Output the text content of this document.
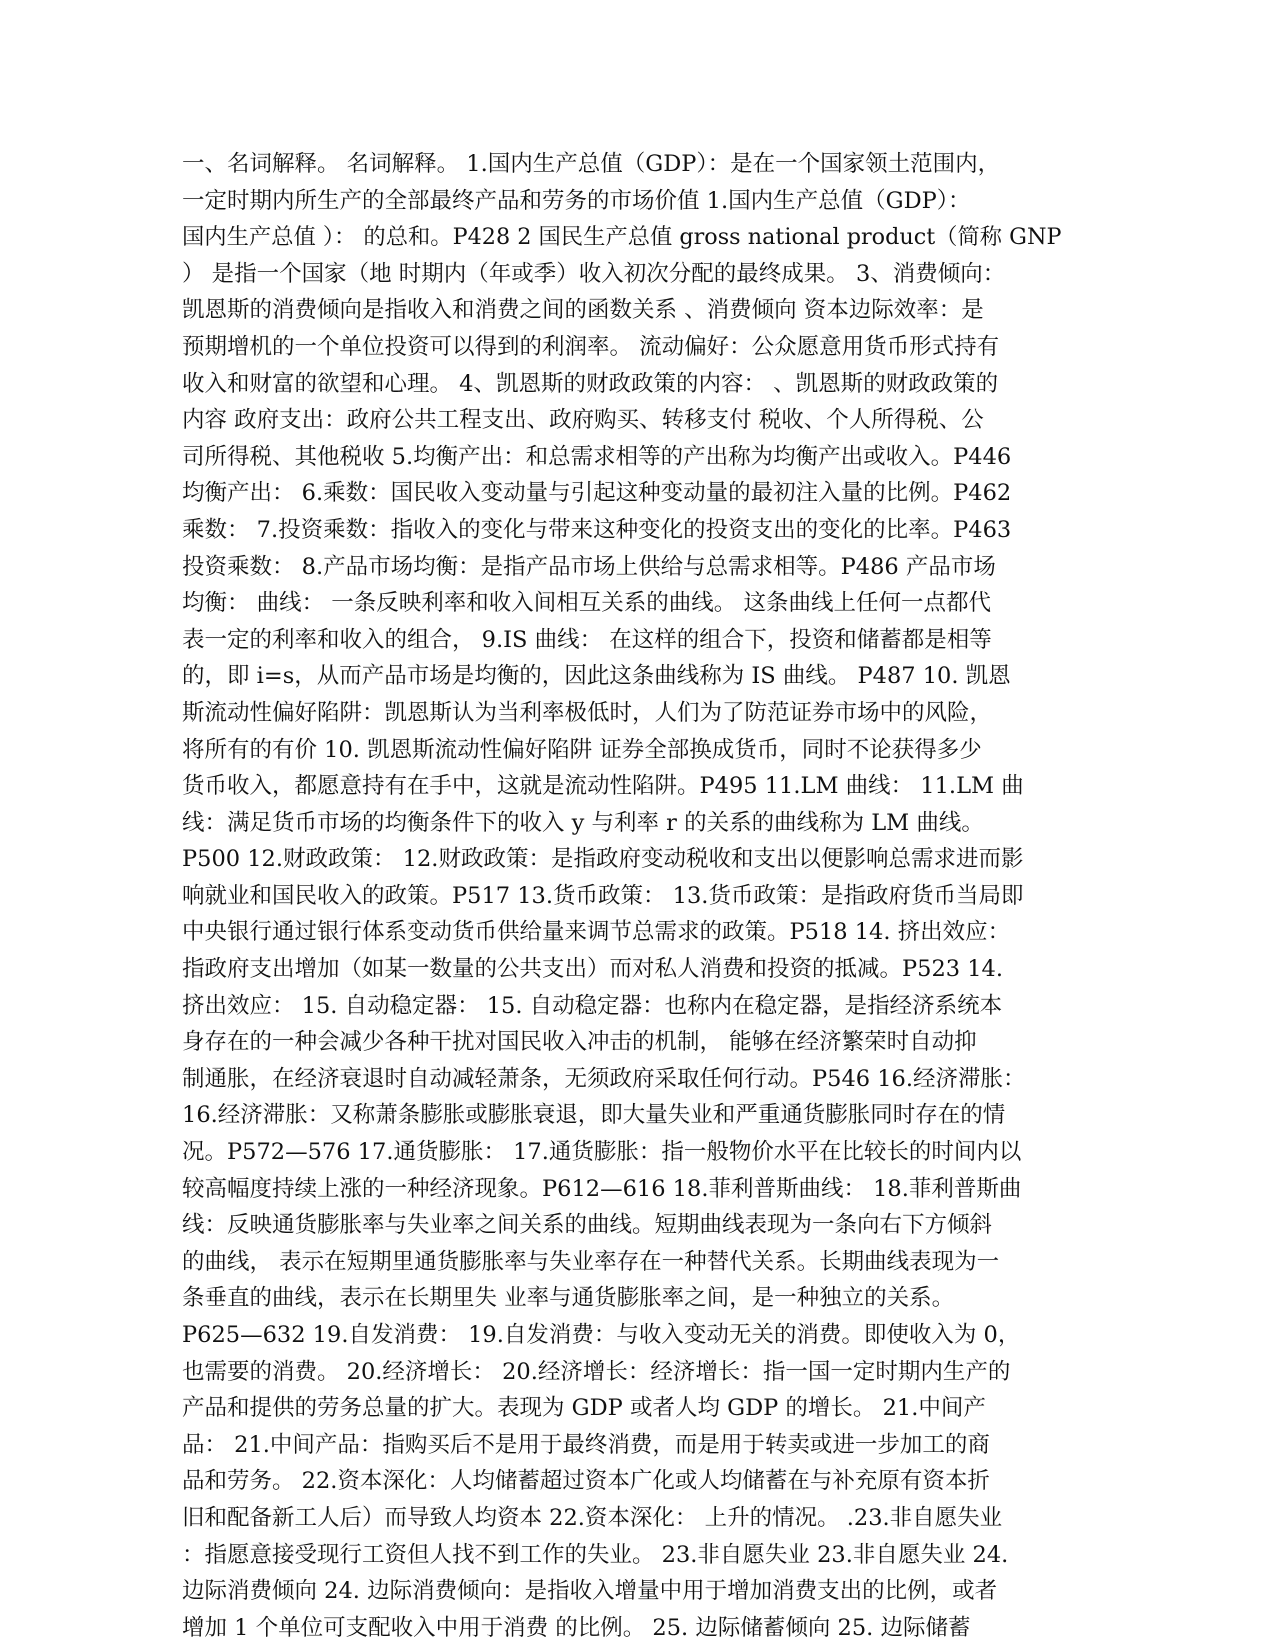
一、名词解释。 名词解释。 1.国内生产总值（GDP）：是在一个国家领土范围内，
一定时期内所生产的全部最终产品和劳务的市场价值 1.国内生产总值（GDP）：
国内生产总值 ）： 的总和。P428 2 国民生产总值 gross national product（简称 GNP
） 是指一个国家（地 时期内（年或季）收入初次分配的最终成果。 3、消费倾向：
凯恩斯的消费倾向是指收入和消费之间的函数关系 、消费倾向 资本边际效率：是
预期增机的一个单位投资可以得到的利润率。 流动偏好：公众愿意用货币形式持有
收入和财富的欲望和心理。 4、凯恩斯的财政政策的内容： 、凯恩斯的财政政策的
内容 政府支出：政府公共工程支出、政府购买、转移支付 税收、个人所得税、公
司所得税、其他税收 5.均衡产出：和总需求相等的产出称为均衡产出或收入。P446
均衡产出： 6.乘数：国民收入变动量与引起这种变动量的最初注入量的比例。P462
乘数： 7.投资乘数：指收入的变化与带来这种变化的投资支出的变化的比率。P463
投资乘数： 8.产品市场均衡：是指产品市场上供给与总需求相等。P486 产品市场
均衡： 曲线： 一条反映利率和收入间相互关系的曲线。 这条曲线上任何一点都代
表一定的利率和收入的组合， 9.IS 曲线： 在这样的组合下，投资和储蓄都是相等
的，即 i=s，从而产品市场是均衡的，因此这条曲线称为 IS 曲线。 P487 10. 凯恩
斯流动性偏好陷阱：凯恩斯认为当利率极低时，人们为了防范证券市场中的风险，
将所有的有价 10. 凯恩斯流动性偏好陷阱 证券全部换成货币，同时不论获得多少
货币收入，都愿意持有在手中，这就是流动性陷阱。P495 11.LM 曲线： 11.LM 曲
线：满足货币市场的均衡条件下的收入 y 与利率 r 的关系的曲线称为 LM 曲线。
P500 12.财政政策： 12.财政政策：是指政府变动税收和支出以便影响总需求进而影
响就业和国民收入的政策。P517 13.货币政策： 13.货币政策：是指政府货币当局即
中央银行通过银行体系变动货币供给量来调节总需求的政策。P518 14. 挤出效应：
指政府支出增加（如某一数量的公共支出）而对私人消费和投资的抵减。P523 14.
挤出效应： 15. 自动稳定器： 15. 自动稳定器：也称内在稳定器，是指经济系统本
身存在的一种会减少各种干扰对国民收入冲击的机制， 能够在经济繁荣时自动抑
制通胀，在经济衰退时自动减轻萧条，无须政府采取任何行动。P546 16.经济滞胀：
16.经济滞胀：又称萧条膨胀或膨胀衰退，即大量失业和严重通货膨胀同时存在的情
况。P572—576 17.通货膨胀： 17.通货膨胀：指一般物价水平在比较长的时间内以
较高幅度持续上涨的一种经济现象。P612—616 18.菲利普斯曲线： 18.菲利普斯曲
线：反映通货膨胀率与失业率之间关系的曲线。短期曲线表现为一条向右下方倾斜
的曲线， 表示在短期里通货膨胀率与失业率存在一种替代关系。长期曲线表现为一
条垂直的曲线，表示在长期里失 业率与通货膨胀率之间，是一种独立的关系。
P625—632 19.自发消费： 19.自发消费：与收入变动无关的消费。即使收入为 0，
也需要的消费。 20.经济增长： 20.经济增长：经济增长：指一国一定时期内生产的
产品和提供的劳务总量的扩大。表现为 GDP 或者人均 GDP 的增长。 21.中间产
品： 21.中间产品：指购买后不是用于最终消费，而是用于转卖或进一步加工的商
品和劳务。 22.资本深化：人均储蓄超过资本广化或人均储蓄在与补充原有资本折
旧和配备新工人后）而导致人均资本 22.资本深化： 上升的情况。 .23.非自愿失业
：指愿意接受现行工资但人找不到工作的失业。 23.非自愿失业 23.非自愿失业 24.
边际消费倾向 24. 边际消费倾向：是指收入增量中用于增加消费支出的比例，或者
增加 1 个单位可支配收入中用于消费 的比例。 25. 边际储蓄倾向 25. 边际储蓄
